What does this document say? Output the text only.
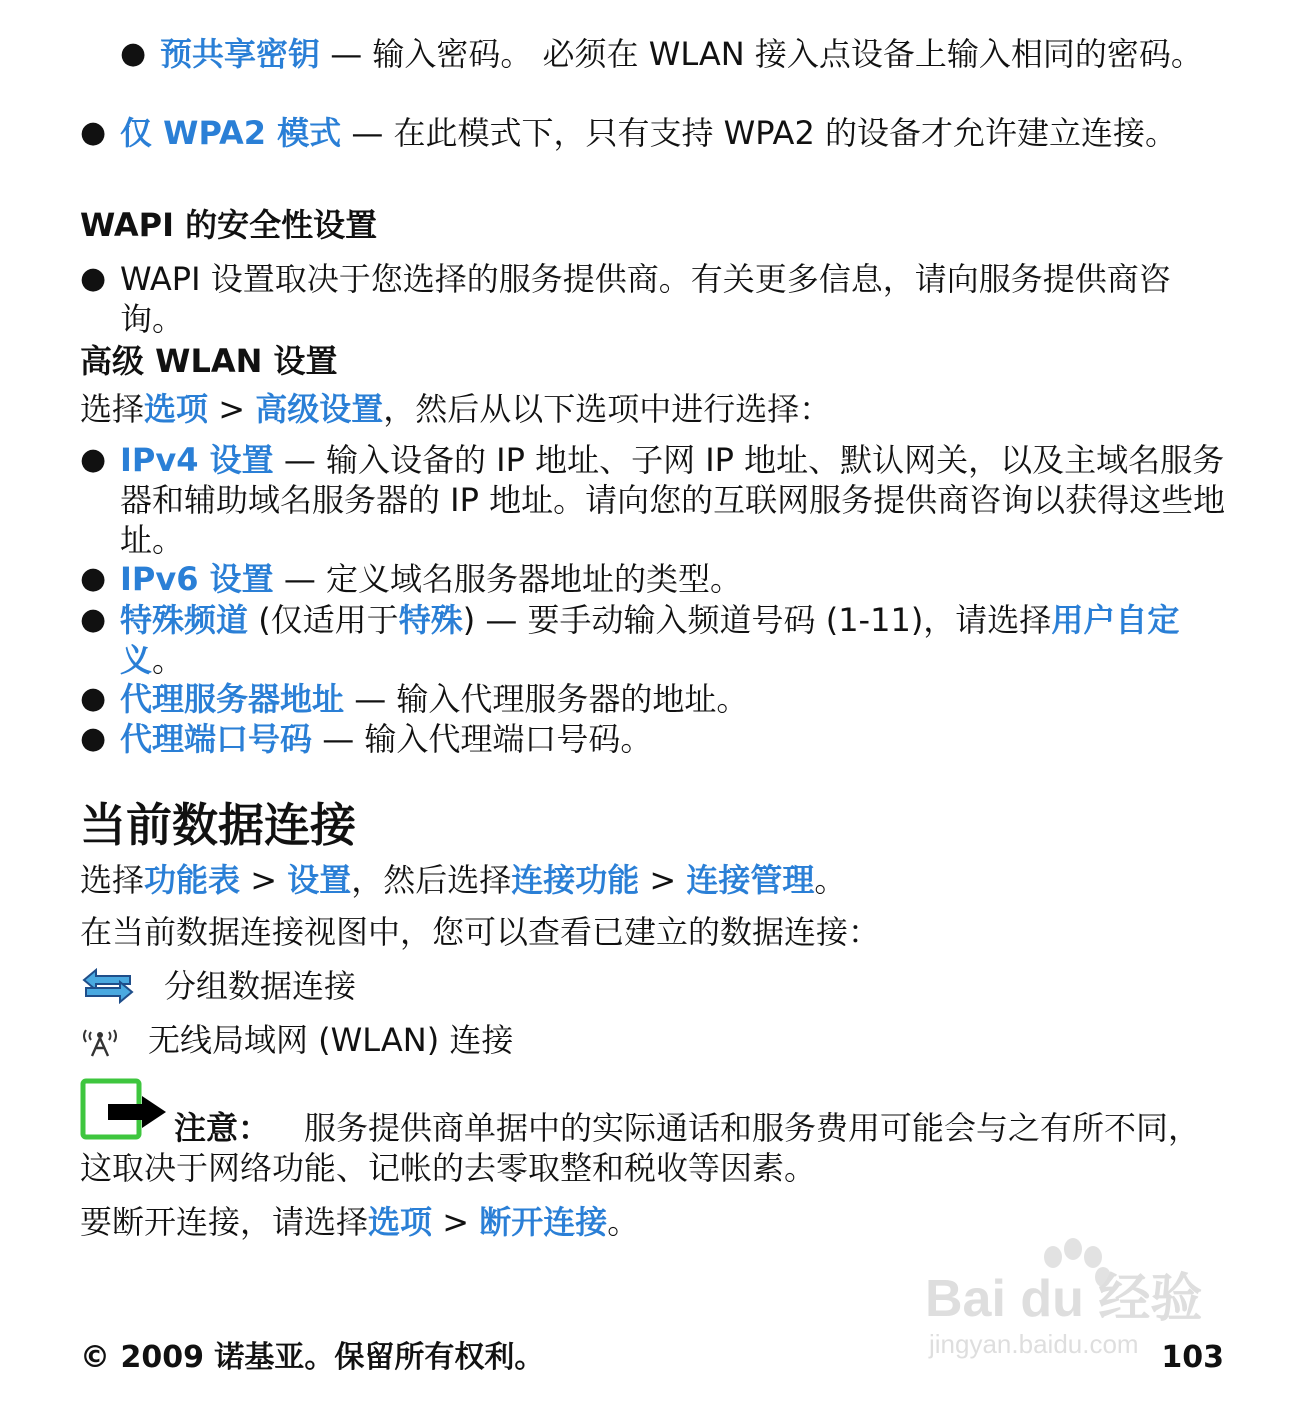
● 预共享密钥 — 输入密码。 必须在 WLAN 接入点设备上输入相同的密码。
● 仅 WPA2 模式 — 在此模式下，只有支持 WPA2 的设备才允许建立连接。
WAPI 的安全性设置
● WAPI 设置取决于您选择的服务提供商。有关更多信息，请向服务提供商咨询。
高级 WLAN 设置
选择选项 > 高级设置，然后从以下选项中进行选择：
● IPv4 设置 — 输入设备的 IP 地址、子网 IP 地址、默认网关，以及主域名服务器和辅助域名服务器的 IP 地址。请向您的互联网服务提供商咨询以获得这些地址。
● IPv6 设置 — 定义域名服务器地址的类型。
● 特殊频道 (仅适用于特殊) — 要手动输入频道号码 (1-11)，请选择用户自定义。
● 代理服务器地址 — 输入代理服务器的地址。
● 代理端口号码 — 输入代理端口号码。
当前数据连接
选择功能表 > 设置，然后选择连接功能 > 连接管理。
在当前数据连接视图中，您可以查看已建立的数据连接：
分组数据连接
无线局域网 (WLAN) 连接
注意： 服务提供商单据中的实际通话和服务费用可能会与之有所不同，这取决于网络功能、记帐的去零取整和税收等因素。
要断开连接，请选择选项 > 断开连接。
Bai du 经验
jingyan.baidu.com
© 2009 诺基亚。保留所有权利。	103
